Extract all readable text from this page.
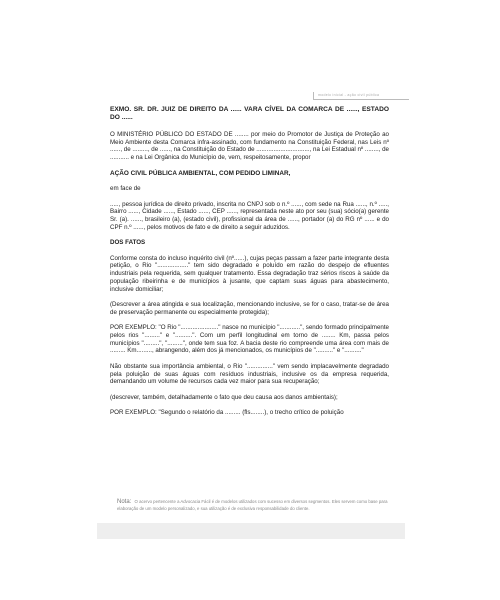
modelo inicial - ação civil pública

EXMO. SR. DR. JUIZ DE DIREITO DA ...... VARA CÍVEL DA COMARCA DE ......, ESTADO DO ......

O MINISTÉRIO PÚBLICO DO ESTADO DE ........ por meio do Promotor de Justiça de Proteção ao Meio Ambiente desta Comarca infra-assinado, com fundamento na Constituição Federal, nas Leis nº ......, de ........., de ......, na Constituição do Estado de ..............................., na Lei Estadual nº ........, de ........... e na Lei Orgânica do Município de, vem, respeitosamente, propor

AÇÃO CIVIL PÚBLICA AMBIENTAL, COM PEDIDO LIMINAR,

em face de

....., pessoa jurídica de direito privado, inscrita no CNPJ sob o n.º ......, com sede na Rua ......, n.º ....., Bairro ......, Cidade ......, Estado ......, CEP ......, representada neste ato por seu (sua) sócio(a) gerente Sr. (a). ......, brasileiro (a), (estado civil), profissional da área de ......, portador (a) do RG nº ...... e do CPF n.º ......, pelos motivos de fato e de direito a seguir aduzidos.

DOS FATOS

Conforme consta do incluso inquérito civil (nº......), cujas peças passam a fazer parte integrante desta petição, o Rio ".................." tem sido degradado e poluído em razão do despejo de efluentes industriais pela requerida, sem qualquer tratamento. Essa degradação traz sérios riscos à saúde da população ribeirinha e de municípios à jusante, que captam suas águas para abastecimento, inclusive domiciliar;

(Descrever a área atingida e sua localização, mencionando inclusive, se for o caso, tratar-se de área de preservação permanente ou especialmente protegida);

POR EXEMPLO: "O Rio "......................" nasce no município "............", sendo formado principalmente pelos rios "........." e "..........". Com um perfil longitudinal em torno de ........ Km, passa pelos municípios ".........", ".........", onde tem sua foz. A bacia deste rio compreende uma área com mais de ......... Km........., abrangendo, além dos já mencionados, os municípios de ".........." e ".........."

Não obstante sua importância ambiental, o Rio "..............." vem sendo implacavelmente degradado pela poluição de suas águas com resíduos industriais, inclusive os da empresa requerida, demandando um volume de recursos cada vez maior para sua recuperação;

(descrever, também, detalhadamente o fato que deu causa aos danos ambientais);

POR EXEMPLO: "Segundo o relatório da ......... (fls........), o trecho crítico de poluição

Nota: O acervo pertencente a Advocacia Fácil é de modelos utilizados com sucesso em diversos segmentos. Eles servem como base para elaboração de um modelo personalizado, e sua utilização é de exclusiva responsabilidade do cliente.
